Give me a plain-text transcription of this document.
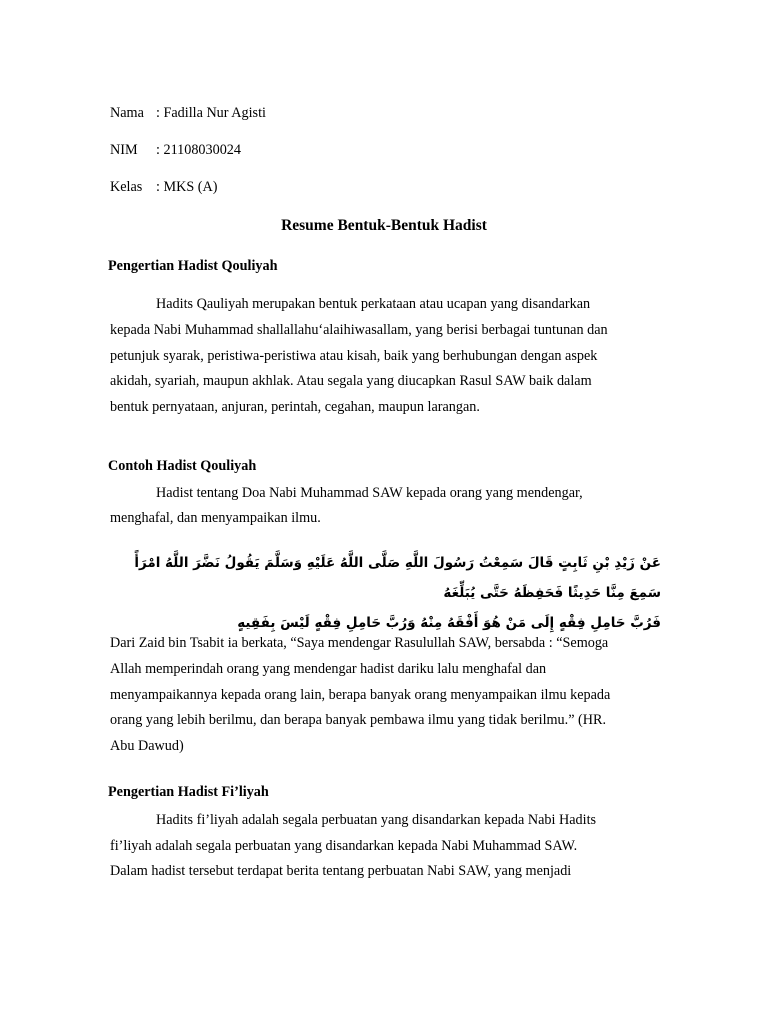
Nama : Fadilla Nur Agisti
NIM : 21108030024
Kelas : MKS (A)
Resume Bentuk-Bentuk Hadist
Pengertian Hadist Qouliyah

Hadits Qauliyah merupakan bentuk perkataan atau ucapan yang disandarkan
kepada Nabi Muhammad shallallahu‘alaihiwasallam, yang berisi berbagai tuntunan dan
petunjuk syarak, peristiwa-peristiwa atau kisah, baik yang berhubungan dengan aspek
akidah, syariah, maupun akhlak. Atau segala yang diucapkan Rasul SAW baik dalam
bentuk pernyataan, anjuran, perintah, cegahan, maupun larangan.

Contoh Hadist Qouliyah

Hadist tentang Doa Nabi Muhammad SAW kepada orang yang mendengar,
menghafal, dan menyampaikan ilmu.

عَنْ زَيْدِ بْنِ ثَابِتٍ قَالَ سَمِعْتُ رَسُولَ اللَّهِ صَلَّى اللَّهُ عَلَيْهِ وَسَلَّمَ يَقُولُ نَضَّرَ اللَّهُ امْرَأً سَمِعَ مِنَّا حَدِيثًا فَحَفِظَهُ حَتَّى يُبَلِّغَهُ
فَرُبَّ حَامِلِ فِقْهٍ إِلَى مَنْ هُوَ أَفْقَهُ مِنْهُ وَرُبَّ حَامِلِ فِقْهٍ لَيْسَ بِفَقِيهٍ

Dari Zaid bin Tsabit ia berkata, “Saya mendengar Rasulullah SAW, bersabda : “Semoga
Allah memperindah orang yang mendengar hadist dariku lalu menghafal dan
menyampaikannya kepada orang lain, berapa banyak orang menyampaikan ilmu kepada
orang yang lebih berilmu, dan berapa banyak pembawa ilmu yang tidak berilmu.” (HR.
Abu Dawud)

Pengertian Hadist Fi’liyah

Hadits fi’liyah adalah segala perbuatan yang disandarkan kepada Nabi Hadits
fi’liyah adalah segala perbuatan yang disandarkan kepada Nabi Muhammad SAW.
Dalam hadist tersebut terdapat berita tentang perbuatan Nabi SAW, yang menjadi
